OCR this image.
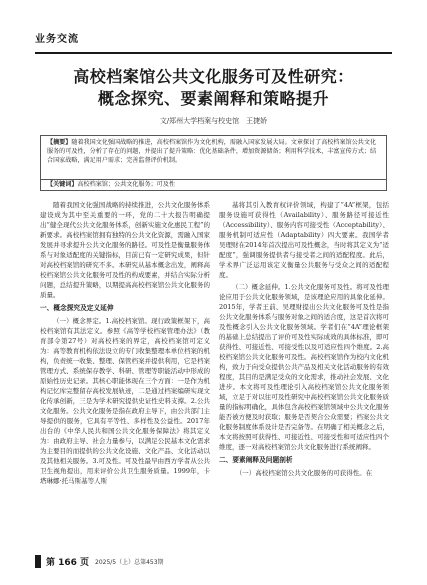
业务交流
高校档案馆公共文化服务可及性研究：
概念探究、要素阐释和策略提升
文/郑州大学档案与校史馆　王捷娇
【摘要】随着我国文化强国战略的推进，高校档案馆作为文化机构，需融入国家发展大局。文章探讨了高校档案馆公共文化服务的可及性，分析了存在的问题，并提出了提升策略：优化基础条件，增加资源储备；利用科学技术，丰富宣传方式；结合国家战略，满足用户需求；完善监督评价机制。
【关键词】高校档案馆；公共文化服务；可及性

随着我国文化强国战略的持续推进，公共文化服务体系建设成为其中至关重要的一环，党的二十大报告明确提出“健全现代公共文化服务体系，创新实施文化惠民工程”的新要求。高校档案馆拥有独特的公共文化资源，需融入国家发展并寻求提升公共文化服务的路径。可及性是衡量服务体系与对象适配度的关键指标，目前已有一定研究成果，但针对高校档案馆的研究不多。本研究从基本概念出发，阐释高校档案馆公共文化服务可及性的构成要素，并结合实际分析问题，总结提升策略，以期提高高校档案馆公共文化服务的质量。

一、概念探究及定义延伸

（一）概念界定。1.高校档案馆。现行政策框架下，高校档案馆有其法定义。参照《高等学校档案管理办法》（教育部令第27号）对高校档案的界定，高校档案馆可定义为：高等教育机构依法设立的专门收集整理本单位档案的机构，负责统一收集、整理、保管档案并提供利用，它是档案管理方式、系统保存教学、科研、管理等职能活动中形成的原始性历史记录。其核心职能体现在三个方面：一是作为机构记忆库完整留存高校发展轨迹，二是通过档案编研实现文化传承创新，三是为学术研究提供史证性史料支撑。2.公共文化服务。公共文化服务是指在政府主导下，由公共部门主导提供的服务，它具有平等性、多样性及公益性。2017年出台的《中华人民共和国公共文化服务保障法》将其定义为：由政府主导、社会力量参与，以满足公民基本文化需求为主要目的而提供的公共文化设施、文化产品、文化活动以及其他相关服务。3.可及性。可及性最早由西方学者从公共卫生视角提出，用来评价公共卫生服务质量。1999年，卡塔琳娜·托马斯基等人斯

基将其引入教育权评价领域，构建了“4A”框架，包括服务设施可获得性（Availability）、服务路径可接近性（Accessibility）、服务内容可接受性（Acceptability）、服务机制可适应性（Adaptability）四大要素。我国学者吴理财在2014年首次提出可及性概念，当时将其定义为“适配度”，强调服务提供者与接受者之间的适配程度。此后，学术界广泛运用该定义衡量公共服务与受众之间的适配程度。

（二）概念延伸。1.公共文化服务可及性。将可及性理论应用于公共文化服务领域，是该理论应用的具象化延伸。2015年，学者王前、吴理财提出公共文化服务可及性是指公共文化服务体系与服务对象之间的适合度，这是首次将可及性概念引入公共文化服务领域。学者们在“4A”理论框架的基础上总结提出了评价可及性实际成效的具体标准，即可获得性、可接近性、可接受性以及可适应性四个维度。2.高校档案馆公共文化服务可及性。高校档案馆作为校内文化机构，致力于向受众提供公共产品及相关文化活动服务的有效程度，其目的是满足受众的文化需求，推动社会发展、文化进步。本文将可及性理论引入高校档案馆公共文化服务领域，立足于对以往可及性研究中高校档案馆公共文化服务质量的指标明确化，具体包含高校档案馆领域中公共文化服务能否被方便及时获取；服务是否契合公众需要；档案公共文化服务制度体系设计是否完备等。在明确了相关概念之后，本文将按照可获得性、可接近性、可接受性和可适应性四个维度，逐一对高校档案馆公共文化服务进行系统阐释。

二、要素阐释及问题剖析

（一）高校档案馆公共文化服务的可获得性。在

第 166 页 2025/5（上）总第453期
